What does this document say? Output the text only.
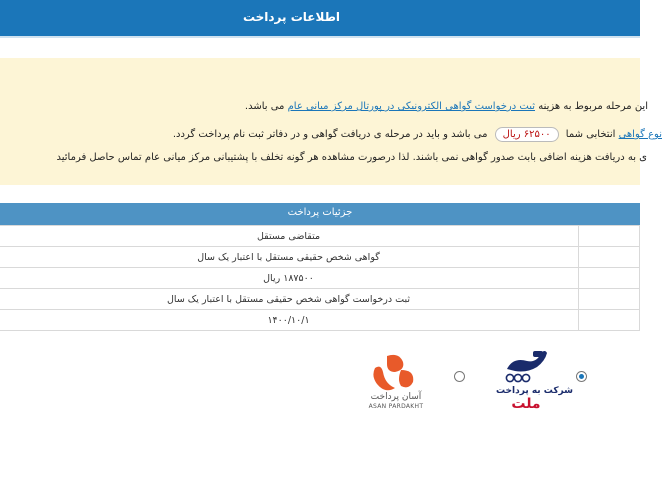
اطلاعات پرداخت
این مرحله مربوط به هزینه ثبت درخواست گواهی الکترونیکی در پورتال مرکز میانی عام می باشد.
نوع گواهی انتخابی شما ۶۲۵۰۰ ریال می باشد و باید در مرحله ی دریافت گواهی و در دفاتر ثبت نام پرداخت گردد.
ی به دریافت هزینه اضافی بابت صدور گواهی نمی باشند. لذا درصورت مشاهده هر گونه تخلف با پشتیبانی مرکز میانی عام تماس حاصل فرمائید
جزئیات پرداخت
	متقاضی مستقل
	گواهی شخص حقیقی مستقل با اعتبار یک سال
	۱۸۷۵۰۰ ریال
	ثبت درخواست گواهی شخص حقیقی مستقل با اعتبار یک سال
	۱۴۰۰/۱۰/۱
شرکت به پرداخت
ملت
آسان پرداخت
ASAN PARDAKHT
